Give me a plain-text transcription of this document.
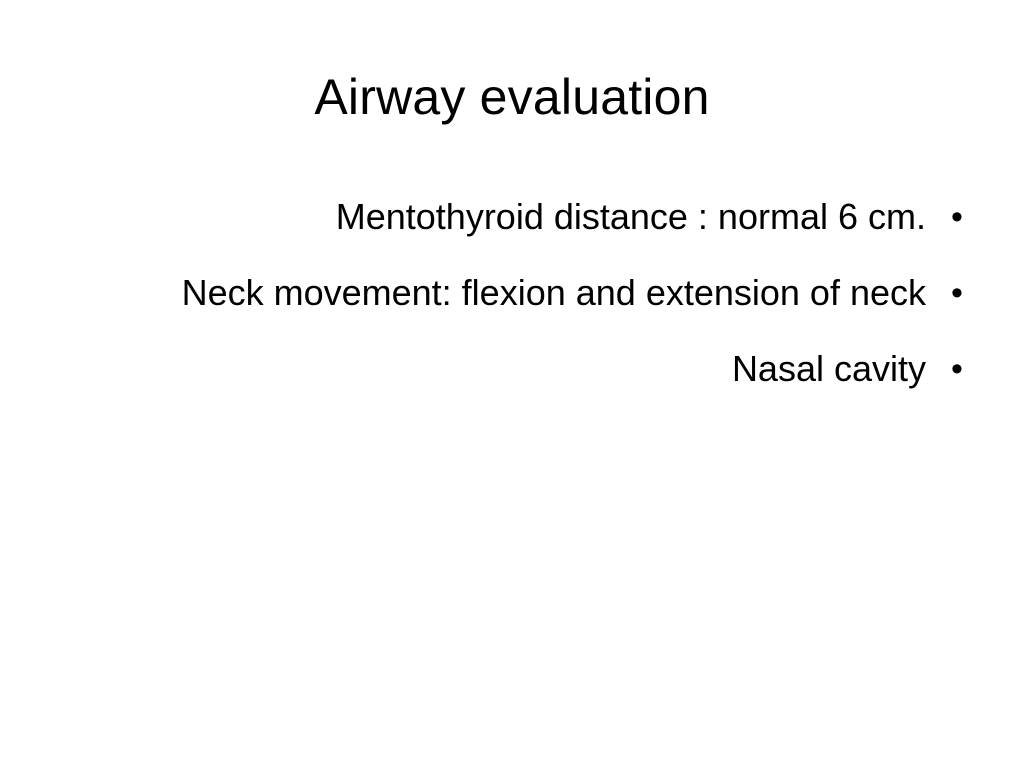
Airway evaluation
Mentothyroid distance : normal 6 cm. •
Neck movement: flexion and extension of neck •
Nasal cavity •
